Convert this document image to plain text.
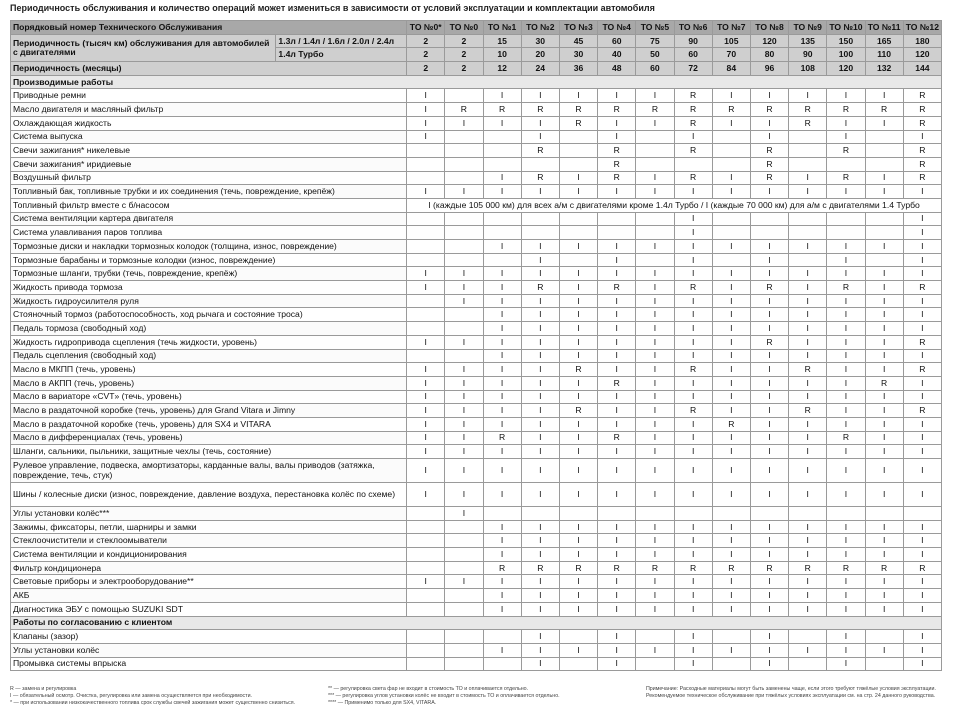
Периодичность обслуживания и количество операций может измениться в зависимости от условий эксплуатации и комплектации автомобиля
Порядковый номер Технического Обслуживания		ТО №0*	ТО №0	ТО №1	ТО №2	ТО №3	ТО №4	ТО №5	ТО №6	ТО №7	ТО №8	ТО №9	ТО №10	ТО №11	ТО №12
Периодичность (тысяч км) обслуживания для автомобилей с двигателями	1.3л / 1.4л / 1.6л / 2.0л / 2.4л	2	2	15	30	45	60	75	90	105	120	135	150	165	180
	1.4л Турбо	2	2	10	20	30	40	50	60	70	80	90	100	110	120
Периодичность (месяцы)		2	2	12	24	36	48	60	72	84	96	108	120	132	144
Производимые работы															
Приводные ремни		I		I	I	I	I	I	R	I	I	I	I	I	R
Масло двигателя и масляный фильтр		I	R	R	R	R	R	R	R	R	R	R	R	R	R
Охлаждающая жидкость		I	I	I	I	R	I	I	R	I	I	R	I	I	R
Система выпуска		I			I		I		I		I		I		I
Свечи зажигания* никелевые					R		R		R		R		R		R
Свечи зажигания* иридиевые							R				R				R
Воздушный фильтр				I	R	I	R	I	R	I	R	I	R	I	R
Топливный бак, топливные трубки и их соединения (течь, повреждение, крепёж)		I	I	I	I	I	I	I	I	I	I	I	I	I	I
Топливный фильтр вместе с б/насосом		I (каждые 105 000 км) для всех а/м с двигателями кроме 1.4л Турбо / I (каждые 70 000 км) для а/м с двигателями 1.4 Турбо													
Система вентиляции картера двигателя									I						I
Система улавливания паров топлива									I						I
Тормозные диски и накладки тормозных колодок (толщина, износ, повреждение)				I	I	I	I	I	I	I	I	I	I	I	I
Тормозные барабаны и тормозные колодки (износ, повреждение)					I		I		I		I		I		I
Тормозные шланги, трубки (течь, повреждение, крепёж)		I	I	I	I	I	I	I	I	I	I	I	I	I	I
Жидкость привода тормоза		I	I	I	R	I	R	I	R	I	R	I	R	I	R
Жидкость гидроусилителя руля			I	I	I	I	I	I	I	I	I	I	I	I	I
Стояночный тормоз (работоспособность, ход рычага и состояние троса)				I	I	I	I	I	I	I	I	I	I	I	I
Педаль тормоза (свободный ход)				I	I	I	I	I	I	I	I	I	I	I	I
Жидкость гидропривода сцепления (течь жидкости, уровень)		I	I	I	I	I	I	I	I	I	R	I	I	I	R
Педаль сцепления (свободный ход)				I	I	I	I	I	I	I	I	I	I	I	I
Масло в МКПП (течь, уровень)		I	I	I	I	R	I	I	R	I	I	R	I	I	R
Масло в АКПП (течь, уровень)		I	I	I	I	I	R	I	I	I	I	I	I	R	I
Масло в вариаторе «CVT» (течь, уровень)		I	I	I	I	I	I	I	I	I	I	I	I	I	I
Масло в раздаточной коробке (течь, уровень) для Grand Vitara и Jimny		I	I	I	I	R	I	I	R	I	I	R	I	I	R
Масло в раздаточной коробке (течь, уровень) для SX4 и VITARA		I	I	I	I	I	I	I	I	R	I	I	I	I	I
Масло в дифференциалах (течь, уровень)		I	I	R	I	I	R	I	I	I	I	I	R	I	I
Шланги, сальники, пыльники, защитные чехлы (течь, состояние)		I	I	I	I	I	I	I	I	I	I	I	I	I	I
Рулевое управление, подвеска, амортизаторы, карданные валы, валы приводов (затяжка, повреждение, течь, стук)		I	I	I	I	I	I	I	I	I	I	I	I	I	I
Шины / колесные диски (износ, повреждение, давление воздуха, перестановка колёс по схеме)		I	I	I	I	I	I	I	I	I	I	I	I	I	I
Углы установки колёс***			I												
Зажимы, фиксаторы, петли, шарниры и замки				I	I	I	I	I	I	I	I	I	I	I	I
Стеклоочистители и стеклоомыватели				I	I	I	I	I	I	I	I	I	I	I	I
Система вентиляции и кондиционирования				I	I	I	I	I	I	I	I	I	I	I	I
Фильтр кондиционера				R	R	R	R	R	R	R	R	R	R	R	R
Световые приборы и электрооборудование**		I	I	I	I	I	I	I	I	I	I	I	I	I	I
АКБ				I	I	I	I	I	I	I	I	I	I	I	I
Диагностика ЭБУ с помощью SUZUKI SDT				I	I	I	I	I	I	I	I	I	I	I	I
Работы по согласованию с клиентом															
Клапаны (зазор)					I		I		I		I		I		I
Углы установки колёс				I	I	I	I	I	I	I	I	I	I	I	I
Промывка системы впрыска					I		I		I		I		I		I
R — замена и регулировка
I — обязательный осмотр. Очистка, регулировка или замена осуществляется при необходимости.
* — при использовании низкокачественного топлива срок службы свечей зажигания может существенно снизиться.
** — регулировка света фар не входит в стоимость ТО и оплачивается отдельно.
*** — регулировка углов установки колёс не входит в стоимость ТО и оплачивается отдельно.
**** — Применимо только для SX4, VITARA.
Примечание: Расходные материалы могут быть заменены чаще, если этого требуют тяжёлые условия эксплуатации.
Рекомендуемое техническое обслуживание при тяжёлых условиях эксплуатации см. на стр. 24 данного руководства.
